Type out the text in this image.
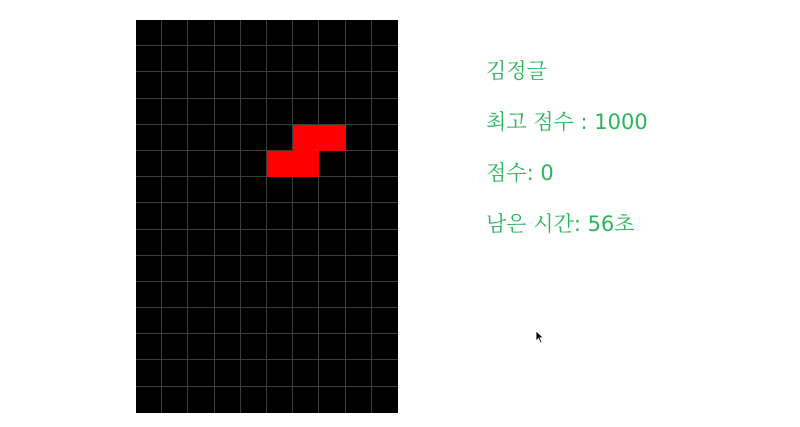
김정글
최고 점수 : 1000
점수: 0
남은 시간: 56초
